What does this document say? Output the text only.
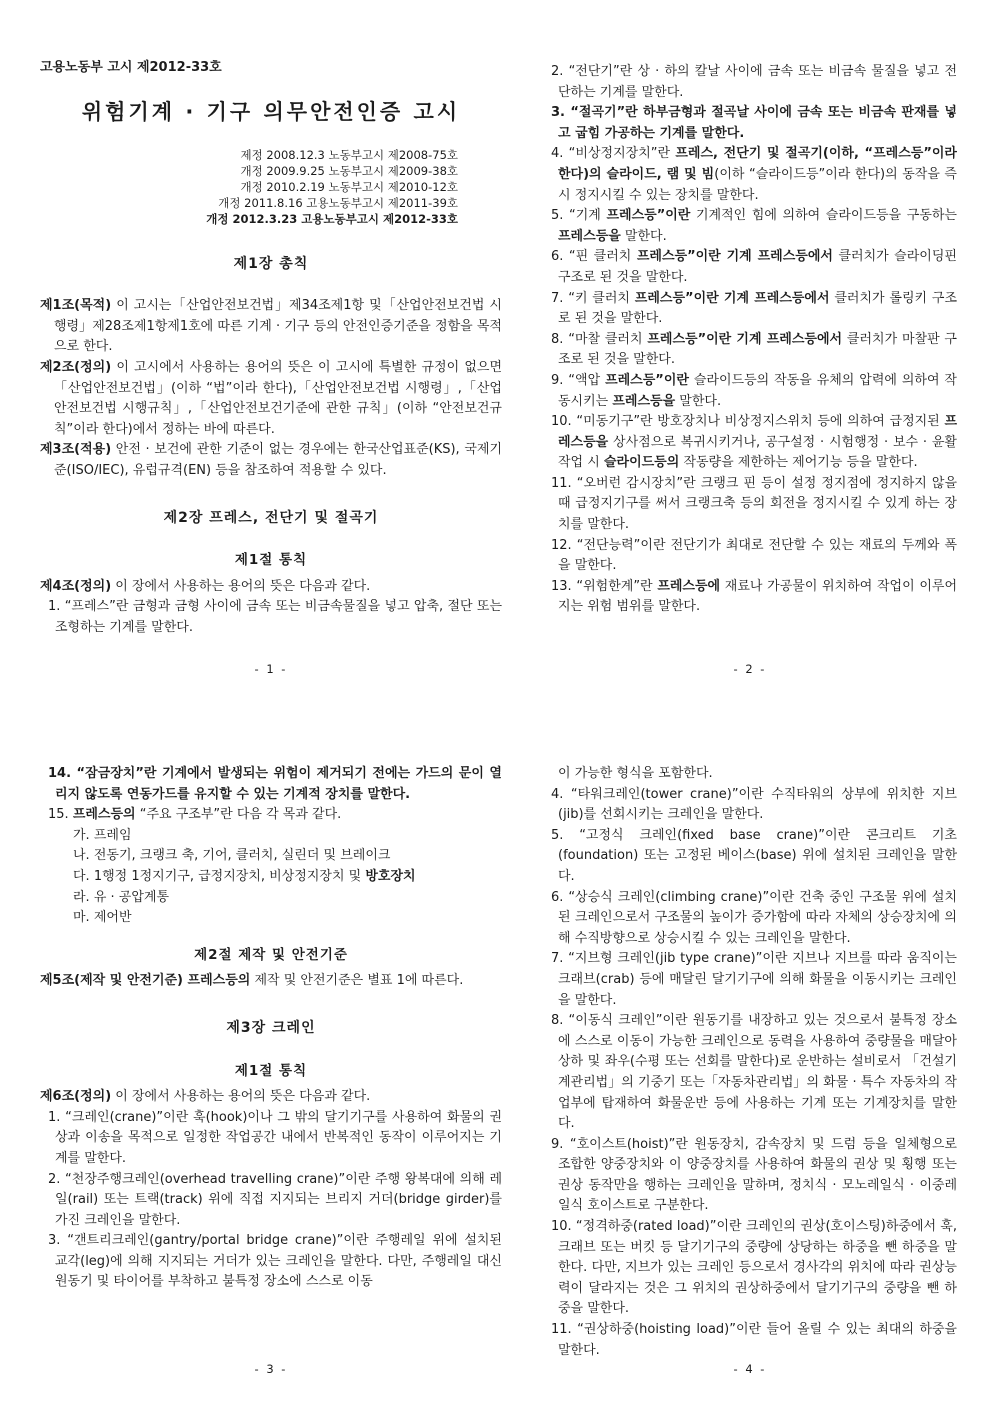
고용노동부 고시 제2012-33호
위험기계 · 기구 의무안전인증 고시
제정 2008.12.3 노동부고시 제2008-75호
개정 2009.9.25 노동부고시 제2009-38호
개정 2010.2.19 노동부고시 제2010-12호
개정 2011.8.16 고용노동부고시 제2011-39호
개정 2012.3.23 고용노동부고시 제2012-33호
제1장 총칙
제1조(목적) 이 고시는「산업안전보건법」제34조제1항 및「산업안전보건법 시행령」제28조제1항제1호에 따른 기계 · 기구 등의 안전인증기준을 정함을 목적으로 한다.
제2조(정의) 이 고시에서 사용하는 용어의 뜻은 이 고시에 특별한 규정이 없으면 「산업안전보건법」(이하 “법”이라 한다),「산업안전보건법 시행령」,「산업안전보건법 시행규칙」,「산업안전보건기준에 관한 규칙」(이하 “안전보건규칙”이라 한다)에서 정하는 바에 따른다.
제3조(적용) 안전 · 보건에 관한 기준이 없는 경우에는 한국산업표준(KS), 국제기준(ISO/IEC), 유럽규격(EN) 등을 참조하여 적용할 수 있다.
제2장 프레스, 전단기 및 절곡기
제1절 통칙
제4조(정의) 이 장에서 사용하는 용어의 뜻은 다음과 같다.
1. “프레스”란 금형과 금형 사이에 금속 또는 비금속물질을 넣고 압축, 절단 또는 조형하는 기계를 말한다.
- 1 -
2. “전단기”란 상 · 하의 칼날 사이에 금속 또는 비금속 물질을 넣고 전단하는 기계를 말한다.
3. “절곡기”란 하부금형과 절곡날 사이에 금속 또는 비금속 판재를 넣고 굽힘 가공하는 기계를 말한다.
4. “비상정지장치”란 프레스, 전단기 및 절곡기(이하, “프레스등”이라 한다)의 슬라이드, 램 및 빔(이하 “슬라이드등”이라 한다)의 동작을 즉시 정지시킬 수 있는 장치를 말한다.
5. “기계 프레스등”이란 기계적인 힘에 의하여 슬라이드등을 구동하는 프레스등을 말한다.
6. “핀 클러치 프레스등”이란 기계 프레스등에서 클러치가 슬라이딩핀 구조로 된 것을 말한다.
7. “키 클러치 프레스등”이란 기계 프레스등에서 클러치가 롤링키 구조로 된 것을 말한다.
8. “마찰 클러치 프레스등”이란 기계 프레스등에서 클러치가 마찰판 구조로 된 것을 말한다.
9. “액압 프레스등”이란 슬라이드등의 작동을 유체의 압력에 의하여 작동시키는 프레스등을 말한다.
10. “미동기구”란 방호장치나 비상정지스위치 등에 의하여 급정지된 프레스등을 상사점으로 복귀시키거나, 공구설정 · 시험행정 · 보수 · 윤활작업 시 슬라이드등의 작동량을 제한하는 제어기능 등을 말한다.
11. “오버런 감시장치”란 크랭크 핀 등이 설정 정지점에 정지하지 않을 때 급정지기구를 써서 크랭크축 등의 회전을 정지시킬 수 있게 하는 장치를 말한다.
12. “전단능력”이란 전단기가 최대로 전단할 수 있는 재료의 두께와 폭을 말한다.
13. “위험한계”란 프레스등에 재료나 가공물이 위치하여 작업이 이루어지는 위험 범위를 말한다.
- 2 -
14. “잠금장치”란 기계에서 발생되는 위험이 제거되기 전에는 가드의 문이 열리지 않도록 연동가드를 유지할 수 있는 기계적 장치를 말한다.
15. 프레스등의 “주요 구조부”란 다음 각 목과 같다.
가. 프레임
나. 전동기, 크랭크 축, 기어, 클러치, 실린더 및 브레이크
다. 1행정 1정지기구, 급정지장치, 비상정지장치 및 방호장치
라. 유 · 공압계통
마. 제어반
제2절 제작 및 안전기준
제5조(제작 및 안전기준) 프레스등의 제작 및 안전기준은 별표 1에 따른다.
제3장 크레인
제1절 통칙
제6조(정의) 이 장에서 사용하는 용어의 뜻은 다음과 같다.
1. “크레인(crane)”이란 훅(hook)이나 그 밖의 달기기구를 사용하여 화물의 권상과 이송을 목적으로 일정한 작업공간 내에서 반복적인 동작이 이루어지는 기계를 말한다.
2. “천장주행크레인(overhead travelling crane)”이란 주행 왕복대에 의해 레일(rail) 또는 트랙(track) 위에 직접 지지되는 브리지 거더(bridge girder)를 가진 크레인을 말한다.
3. “갠트리크레인(gantry/portal bridge crane)”이란 주행레일 위에 설치된 교각(leg)에 의해 지지되는 거더가 있는 크레인을 말한다. 다만, 주행레일 대신 원동기 및 타이어를 부착하고 불특정 장소에 스스로 이동
- 3 -
이 가능한 형식을 포함한다.
4. “타워크레인(tower crane)”이란 수직타워의 상부에 위치한 지브(jib)를 선회시키는 크레인을 말한다.
5. “고정식 크레인(fixed base crane)”이란 콘크리트 기초(foundation) 또는 고정된 베이스(base) 위에 설치된 크레인을 말한다.
6. “상승식 크레인(climbing crane)”이란 건축 중인 구조물 위에 설치된 크레인으로서 구조물의 높이가 증가함에 따라 자체의 상승장치에 의해 수직방향으로 상승시킬 수 있는 크레인을 말한다.
7. “지브형 크레인(jib type crane)”이란 지브나 지브를 따라 움직이는 크래브(crab) 등에 매달린 달기기구에 의해 화물을 이동시키는 크레인을 말한다.
8. “이동식 크레인”이란 원동기를 내장하고 있는 것으로서 불특정 장소에 스스로 이동이 가능한 크레인으로 동력을 사용하여 중량물을 매달아 상하 및 좌우(수평 또는 선회를 말한다)로 운반하는 설비로서 「건설기계관리법」의 기중기 또는「자동차관리법」의 화물 · 특수 자동차의 작업부에 탑재하여 화물운반 등에 사용하는 기계 또는 기계장치를 말한다.
9. “호이스트(hoist)”란 원동장치, 감속장치 및 드럼 등을 일체형으로 조합한 양중장치와 이 양중장치를 사용하여 화물의 권상 및 횡행 또는 권상 동작만을 행하는 크레인을 말하며, 정치식 · 모노레일식 · 이중레일식 호이스트로 구분한다.
10. “정격하중(rated load)”이란 크레인의 권상(호이스팅)하중에서 훅, 크래브 또는 버킷 등 달기기구의 중량에 상당하는 하중을 뺀 하중을 말한다. 다만, 지브가 있는 크레인 등으로서 경사각의 위치에 따라 권상능력이 달라지는 것은 그 위치의 권상하중에서 달기기구의 중량을 뺀 하중을 말한다.
11. “권상하중(hoisting load)”이란 들어 올릴 수 있는 최대의 하중을 말한다.
- 4 -
